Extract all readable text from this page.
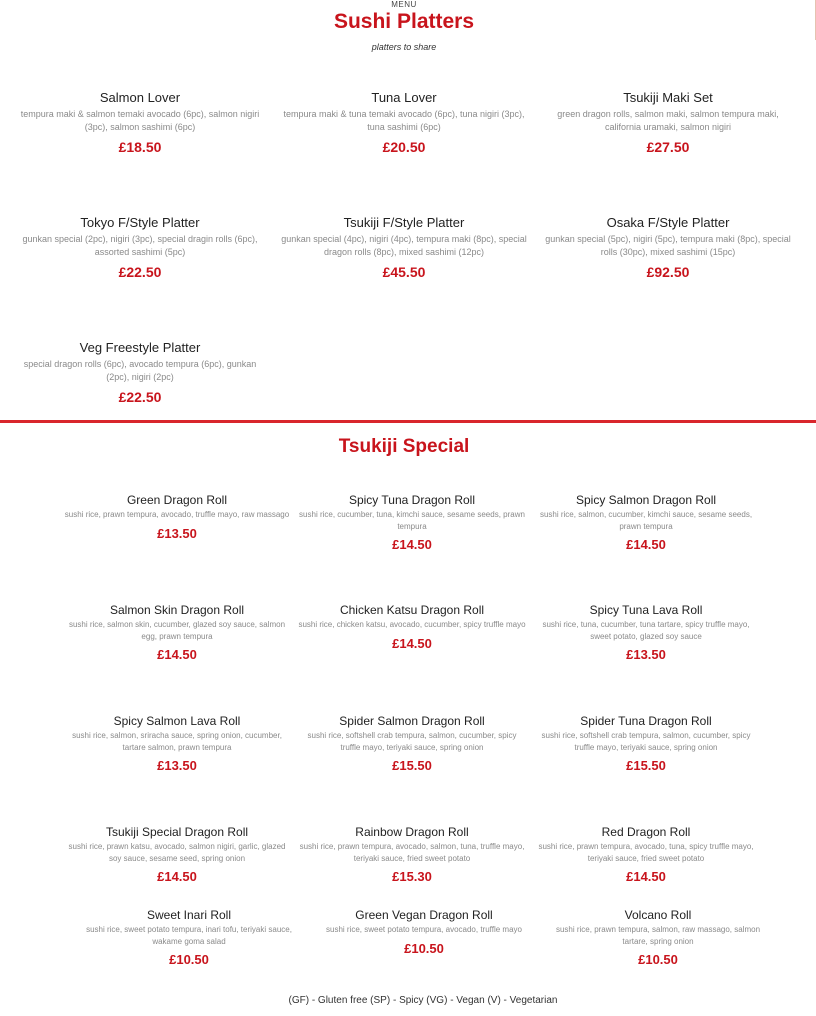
MENU
Sushi Platters
platters to share
Salmon Lover
tempura maki & salmon temaki avocado (6pc), salmon nigiri (3pc), salmon sashimi (6pc)
£18.50
Tuna Lover
tempura maki & tuna temaki avocado (6pc), tuna nigiri (3pc), tuna sashimi (6pc)
£20.50
Tsukiji Maki Set
green dragon rolls, salmon maki, salmon tempura maki, california uramaki, salmon nigiri
£27.50
Tokyo F/Style Platter
gunkan special (2pc), nigiri (3pc), special dragin rolls (6pc), assorted sashimi (5pc)
£22.50
Tsukiji F/Style Platter
gunkan special (4pc), nigiri (4pc), tempura maki (8pc), special dragon rolls (8pc), mixed sashimi (12pc)
£45.50
Osaka F/Style Platter
gunkan special (5pc), nigiri (5pc), tempura maki (8pc), special rolls (30pc), mixed sashimi (15pc)
£92.50
Veg Freestyle Platter
special dragon rolls (6pc), avocado tempura (6pc), gunkan (2pc), nigiri (2pc)
£22.50
Tsukiji Special
Green Dragon Roll
sushi rice, prawn tempura, avocado, truffle mayo, raw massago
£13.50
Spicy Tuna Dragon Roll
sushi rice, cucumber, tuna, kimchi sauce, sesame seeds, prawn tempura
£14.50
Spicy Salmon Dragon Roll
sushi rice, salmon, cucumber, kimchi sauce, sesame seeds, prawn tempura
£14.50
Salmon Skin Dragon Roll
sushi rice, salmon skin, cucumber, glazed soy sauce, salmon egg, prawn tempura
£14.50
Chicken Katsu Dragon Roll
sushi rice, chicken katsu, avocado, cucumber, spicy truffle mayo
£14.50
Spicy Tuna Lava Roll
sushi rice, tuna, cucumber, tuna tartare, spicy truffle mayo, sweet potato, glazed soy sauce
£13.50
Spicy Salmon Lava Roll
sushi rice, salmon, sriracha sauce, spring onion, cucumber, tartare salmon, prawn tempura
£13.50
Spider Salmon Dragon Roll
sushi rice, softshell crab tempura, salmon, cucumber, spicy truffle mayo, teriyaki sauce, spring onion
£15.50
Spider Tuna Dragon Roll
sushi rice, softshell crab tempura, salmon, cucumber, spicy truffle mayo, teriyaki sauce, spring onion
£15.50
Tsukiji Special Dragon Roll
sushi rice, prawn katsu, avocado, salmon nigiri, garlic, glazed soy sauce, sesame seed, spring onion
£14.50
Rainbow Dragon Roll
sushi rice, prawn tempura, avocado, salmon, tuna, truffle mayo, teriyaki sauce, fried sweet potato
£15.30
Red Dragon Roll
sushi rice, prawn tempura, avocado, tuna, spicy truffle mayo, teriyaki sauce, fried sweet potato
£14.50
Sweet Inari Roll
sushi rice, sweet potato tempura, inari tofu, teriyaki sauce, wakame goma salad
£10.50
Green Vegan Dragon Roll
sushi rice, sweet potato tempura, avocado, truffle mayo
£10.50
Volcano Roll
sushi rice, prawn tempura, salmon, raw massago, salmon tartare, spring onion
£10.50
(GF) - Gluten free (SP) - Spicy (VG) - Vegan (V) - Vegetarian
